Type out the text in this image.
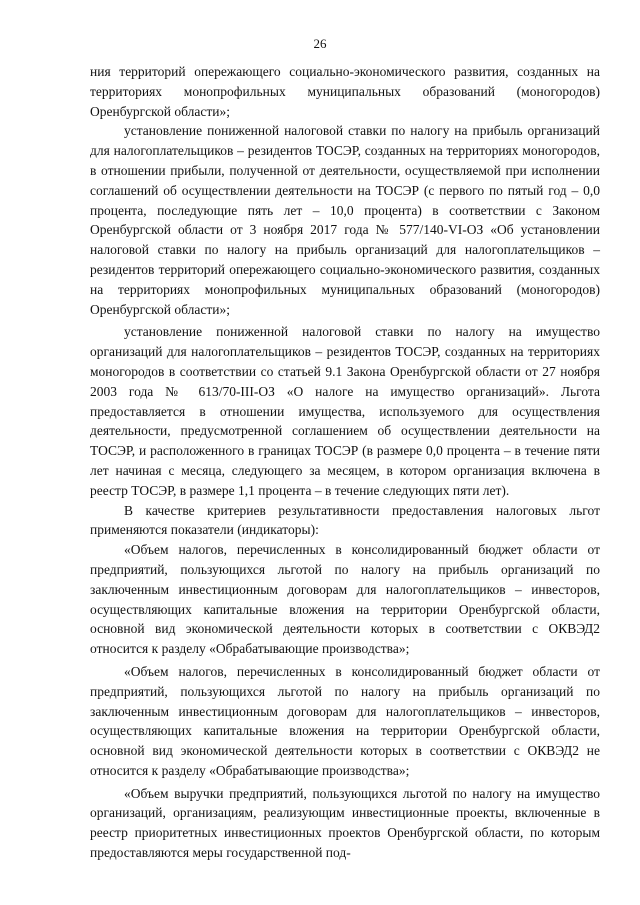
26

ния территорий опережающего социально-экономического развития, созданных на территориях монопрофильных муниципальных образований (моногородов) Оренбургской области»;

установление пониженной налоговой ставки по налогу на прибыль организаций для налогоплательщиков – резидентов ТОСЭР, созданных на территориях моногородов, в отношении прибыли, полученной от деятельности, осуществляемой при исполнении соглашений об осуществлении деятельности на ТОСЭР (с первого по пятый год – 0,0 процента, последующие пять лет – 10,0 процента) в соответствии с Законом Оренбургской области от 3 ноября 2017 года № 577/140-VI-ОЗ «Об установлении налоговой ставки по налогу на прибыль организаций для налогоплательщиков – резидентов территорий опережающего социально-экономического развития, созданных на территориях монопрофильных муниципальных образований (моногородов) Оренбургской области»;

установление пониженной налоговой ставки по налогу на имущество организаций для налогоплательщиков – резидентов ТОСЭР, созданных на территориях моногородов в соответствии со статьей 9.1 Закона Оренбургской области от 27 ноября 2003 года № 613/70-III-ОЗ «О налоге на имущество организаций». Льгота предоставляется в отношении имущества, используемого для осуществления деятельности, предусмотренной соглашением об осуществлении деятельности на ТОСЭР, и расположенного в границах ТОСЭР (в размере 0,0 процента – в течение пяти лет начиная с месяца, следующего за месяцем, в котором организация включена в реестр ТОСЭР, в размере 1,1 процента – в течение следующих пяти лет).

В качестве критериев результативности предоставления налоговых льгот применяются показатели (индикаторы):

«Объем налогов, перечисленных в консолидированный бюджет области от предприятий, пользующихся льготой по налогу на прибыль организаций по заключенным инвестиционным договорам для налогоплательщиков – инвесторов, осуществляющих капитальные вложения на территории Оренбургской области, основной вид экономической деятельности которых в соответствии с ОКВЭД2 относится к разделу «Обрабатывающие производства»;

«Объем налогов, перечисленных в консолидированный бюджет области от предприятий, пользующихся льготой по налогу на прибыль организаций по заключенным инвестиционным договорам для налогоплательщиков – инвесторов, осуществляющих капитальные вложения на территории Оренбургской области, основной вид экономической деятельности которых в соответствии с ОКВЭД2 не относится к разделу «Обрабатывающие производства»;

«Объем выручки предприятий, пользующихся льготой по налогу на имущество организаций, организациям, реализующим инвестиционные проекты, включенные в реестр приоритетных инвестиционных проектов Оренбургской области, по которым предоставляются меры государственной под-
